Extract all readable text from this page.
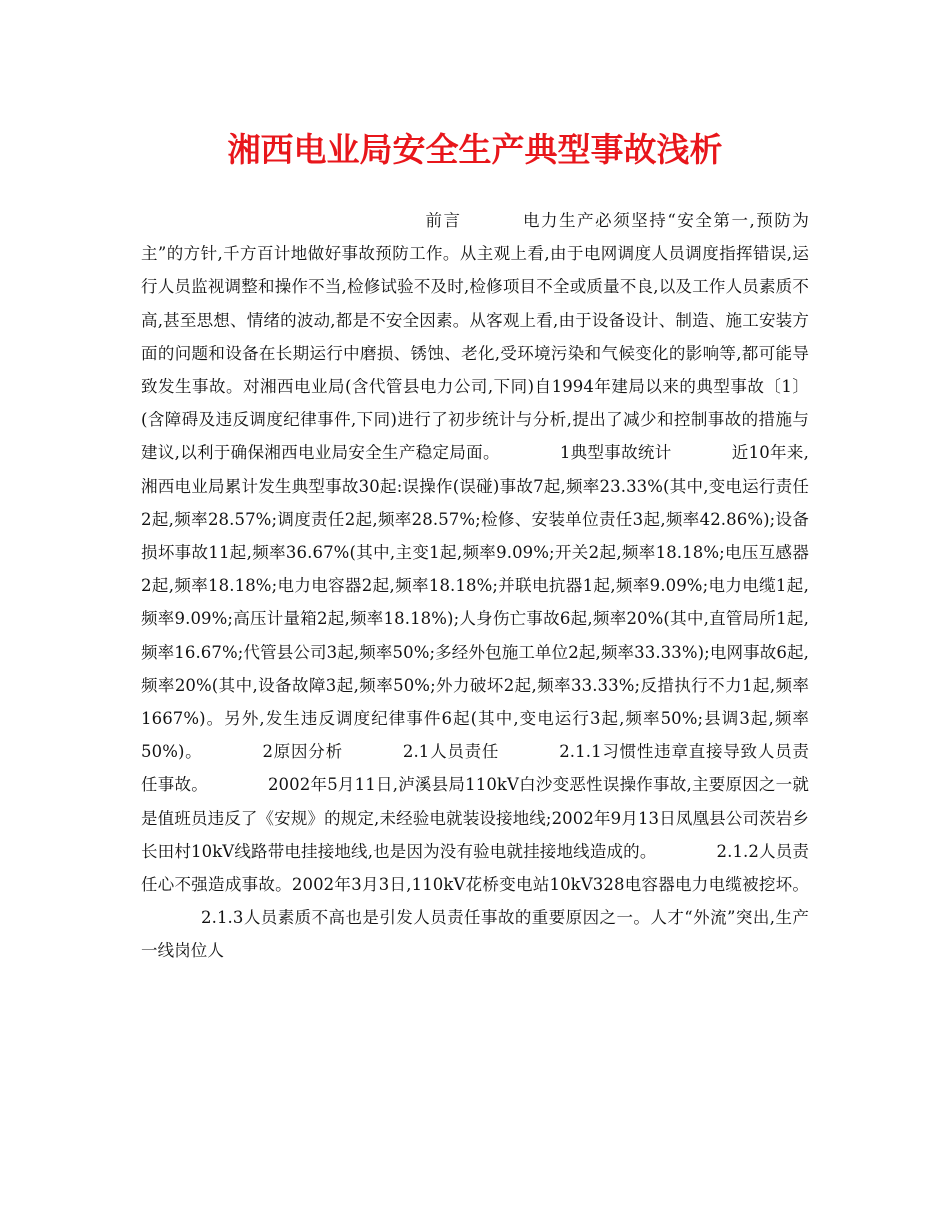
湘西电业局安全生产典型事故浅析
前言	电力生产必须坚持“安全第一,预防为主”的方针,千方百计地做好事故预防工作。从主观上看,由于电网调度人员调度指挥错误,运行人员监视调整和操作不当,检修试验不及时,检修项目不全或质量不良,以及工作人员素质不高,甚至思想、情绪的波动,都是不安全因素。从客观上看,由于设备设计、制造、施工安装方面的问题和设备在长期运行中磨损、锈蚀、老化,受环境污染和气候变化的影响等,都可能导致发生事故。对湘西电业局(含代管县电力公司,下同)自1994年建局以来的典型事故〔1〕(含障碍及违反调度纪律事件,下同)进行了初步统计与分析,提出了减少和控制事故的措施与建议,以利于确保湘西电业局安全生产稳定局面。	1典型事故统计	近10年来,湘西电业局累计发生典型事故30起:误操作(误碰)事故7起,频率23.33%(其中,变电运行责任2起,频率28.57%;调度责任2起,频率28.57%;检修、安装单位责任3起,频率42.86%);设备损坏事故11起,频率36.67%(其中,主变1起,频率9.09%;开关2起,频率18.18%;电压互感器2起,频率18.18%;电力电容器2起,频率18.18%;并联电抗器1起,频率9.09%;电力电缆1起,频率9.09%;高压计量箱2起,频率18.18%);人身伤亡事故6起,频率20%(其中,直管局所1起,频率16.67%;代管县公司3起,频率50%;多经外包施工单位2起,频率33.33%);电网事故6起,频率20%(其中,设备故障3起,频率50%;外力破坏2起,频率33.33%;反措执行不力1起,频率1667%)。另外,发生违反调度纪律事件6起(其中,变电运行3起,频率50%;县调3起,频率50%)。	2原因分析	2.1人员责任	2.1.1习惯性违章直接导致人员责任事故。	2002年5月11日,泸溪县局110kV白沙变恶性误操作事故,主要原因之一就是值班员违反了《安规》的规定,未经验电就装设接地线;2002年9月13日凤凰县公司茨岩乡长田村10kV线路带电挂接地线,也是因为没有验电就挂接地线造成的。	2.1.2人员责任心不强造成事故。2002年3月3日,110kV花桥变电站10kV328电容器电力电缆被挖坏。2.1.3人员素质不高也是引发人员责任事故的重要原因之一。人才“外流”突出,生产一线岗位人
